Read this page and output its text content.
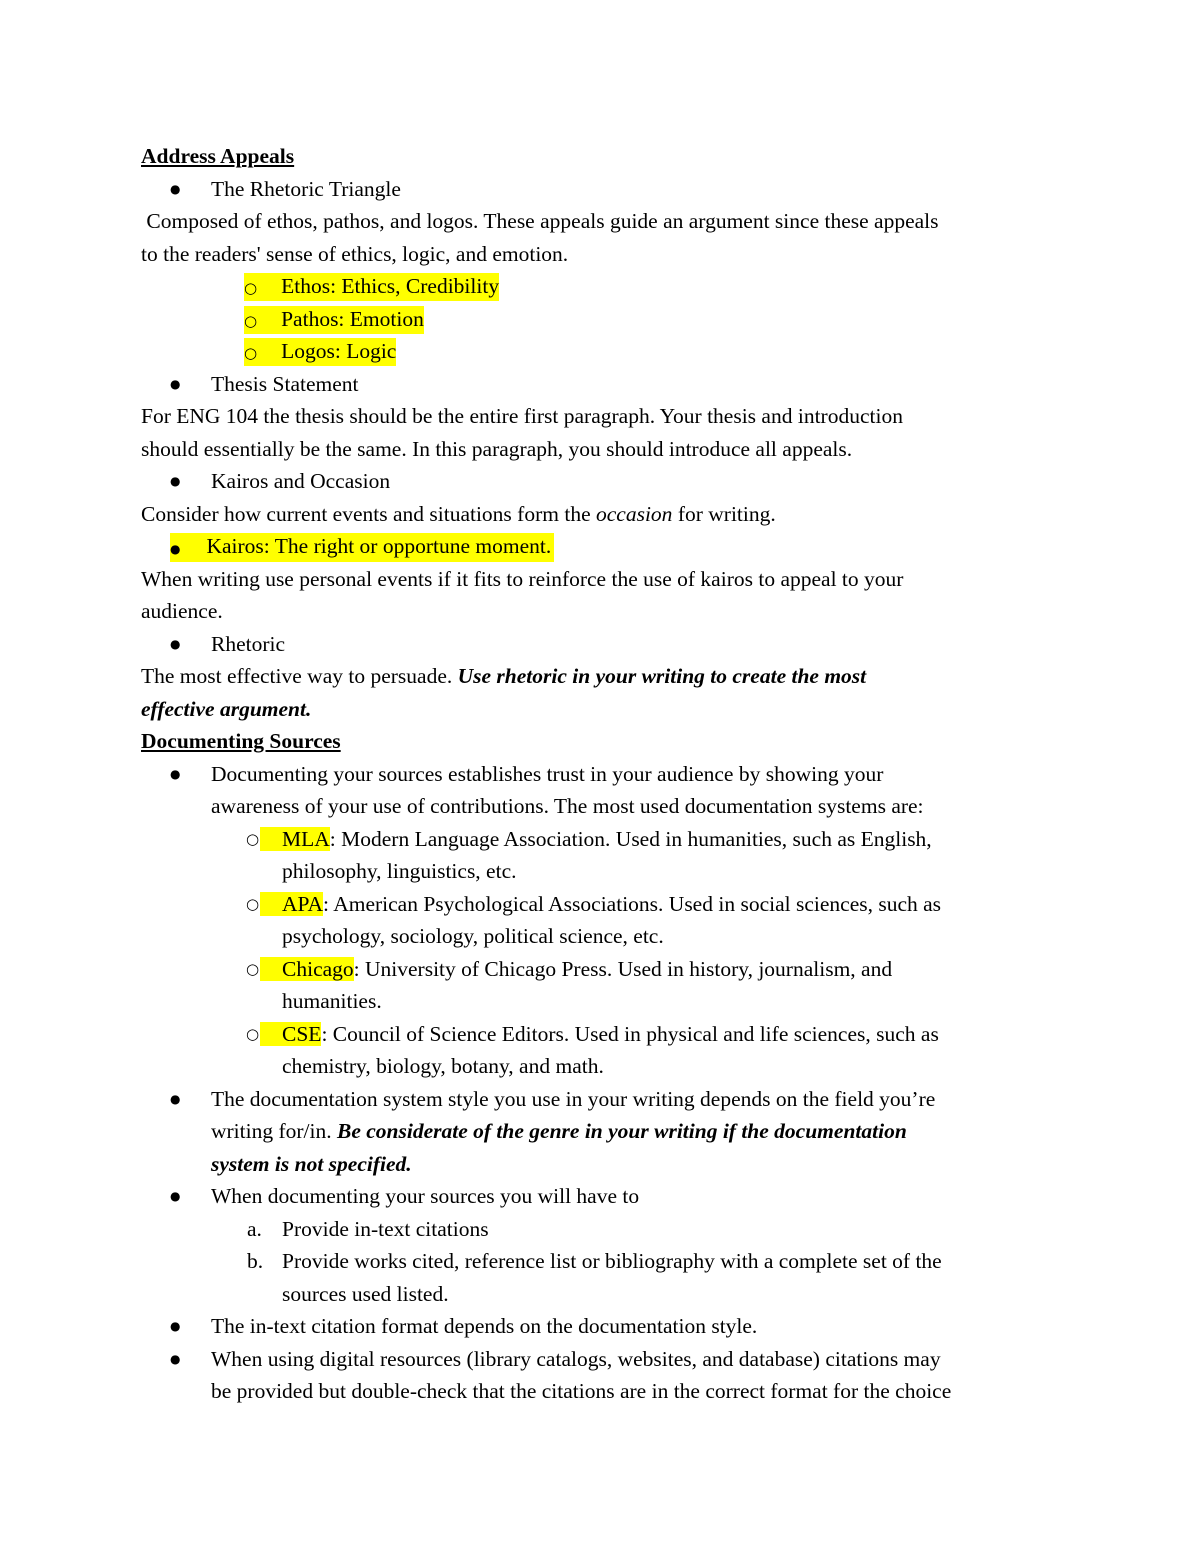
Address Appeals
● The Rhetoric Triangle
Composed of ethos, pathos, and logos. These appeals guide an argument since these appeals
to the readers' sense of ethics, logic, and emotion.
○ Ethos: Ethics, Credibility
○ Pathos: Emotion
○ Logos: Logic
● Thesis Statement
For ENG 104 the thesis should be the entire first paragraph. Your thesis and introduction
should essentially be the same. In this paragraph, you should introduce all appeals.
● Kairos and Occasion
Consider how current events and situations form the occasion for writing.
● Kairos: The right or opportune moment.
When writing use personal events if it fits to reinforce the use of kairos to appeal to your
audience.
● Rhetoric
The most effective way to persuade. Use rhetoric in your writing to create the most
effective argument.
Documenting Sources
● Documenting your sources establishes trust in your audience by showing your
awareness of your use of contributions. The most used documentation systems are:
○	MLA: Modern Language Association. Used in humanities, such as English,
philosophy, linguistics, etc.
○	APA: American Psychological Associations. Used in social sciences, such as
psychology, sociology, political science, etc.
○	Chicago: University of Chicago Press. Used in history, journalism, and
humanities.
○	CSE: Council of Science Editors. Used in physical and life sciences, such as
chemistry, biology, botany, and math.
● The documentation system style you use in your writing depends on the field you’re
writing for/in. Be considerate of the genre in your writing if the documentation
system is not specified.
● When documenting your sources you will have to
a. Provide in-text citations
b. Provide works cited, reference list or bibliography with a complete set of the
sources used listed.
● The in-text citation format depends on the documentation style.
● When using digital resources (library catalogs, websites, and database) citations may
be provided but double-check that the citations are in the correct format for the choice
